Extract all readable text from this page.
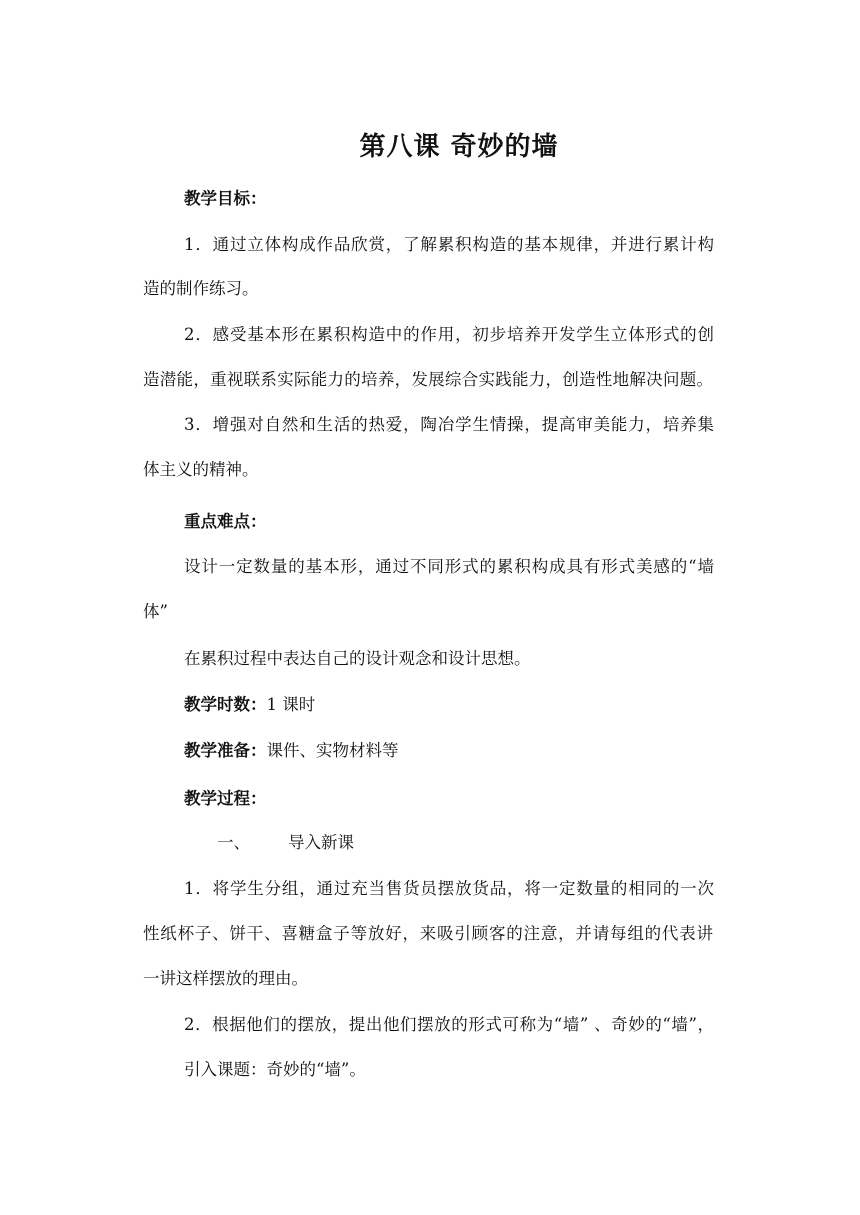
第八课 奇妙的墙
教学目标：
1．通过立体构成作品欣赏，了解累积构造的基本规律，并进行累计构
造的制作练习。
2．感受基本形在累积构造中的作用，初步培养开发学生立体形式的创
造潜能，重视联系实际能力的培养，发展综合实践能力，创造性地解决问题。
3．增强对自然和生活的热爱，陶冶学生情操，提高审美能力，培养集
体主义的精神。
重点难点：
设计一定数量的基本形，通过不同形式的累积构成具有形式美感的“墙
体”
在累积过程中表达自己的设计观念和设计思想。
教学时数：1 课时
教学准备：课件、实物材料等
教学过程：
一、 导入新课
1．将学生分组，通过充当售货员摆放货品，将一定数量的相同的一次
性纸杯子、饼干、喜糖盒子等放好，来吸引顾客的注意，并请每组的代表讲
一讲这样摆放的理由。
2．根据他们的摆放，提出他们摆放的形式可称为“墙” 、奇妙的“墙”，
引入课题：奇妙的“墙”。
